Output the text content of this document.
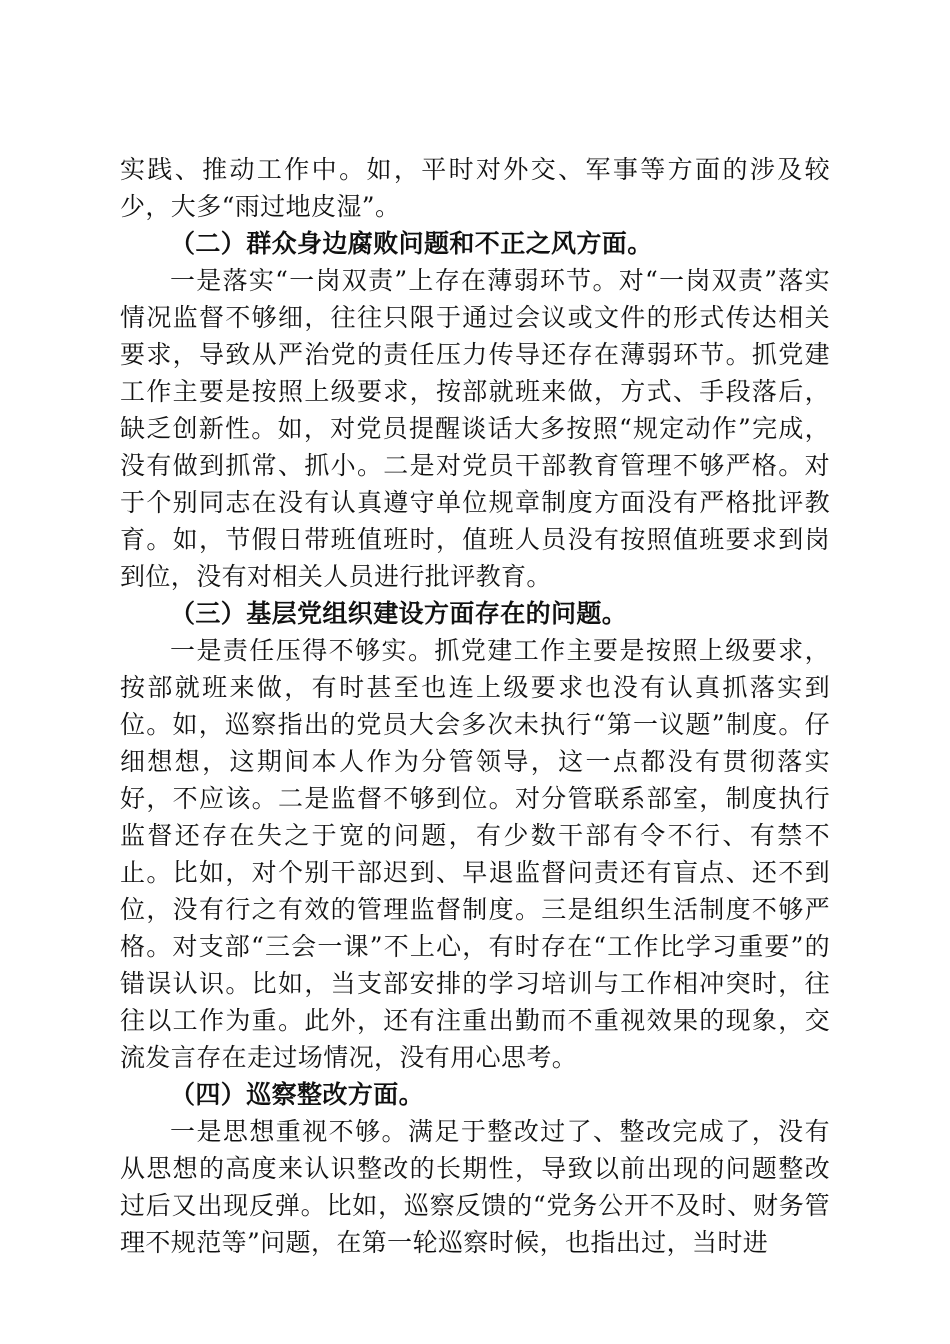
实践、推动工作中。如，平时对外交、军事等方面的涉及较少，大多“雨过地皮湿”。

（二）群众身边腐败问题和不正之风方面。

一是落实“一岗双责”上存在薄弱环节。对“一岗双责”落实情况监督不够细，往往只限于通过会议或文件的形式传达相关要求，导致从严治党的责任压力传导还存在薄弱环节。抓党建工作主要是按照上级要求，按部就班来做，方式、手段落后，缺乏创新性。如，对党员提醒谈话大多按照“规定动作”完成，没有做到抓常、抓小。二是对党员干部教育管理不够严格。对于个别同志在没有认真遵守单位规章制度方面没有严格批评教育。如，节假日带班值班时，值班人员没有按照值班要求到岗到位，没有对相关人员进行批评教育。

（三）基层党组织建设方面存在的问题。

一是责任压得不够实。抓党建工作主要是按照上级要求，按部就班来做，有时甚至也连上级要求也没有认真抓落实到位。如，巡察指出的党员大会多次未执行“第一议题”制度。仔细想想，这期间本人作为分管领导，这一点都没有贯彻落实好，不应该。二是监督不够到位。对分管联系部室，制度执行监督还存在失之于宽的问题，有少数干部有令不行、有禁不止。比如，对个别干部迟到、早退监督问责还有盲点、还不到位，没有行之有效的管理监督制度。三是组织生活制度不够严格。对支部“三会一课”不上心，有时存在“工作比学习重要”的错误认识。比如，当支部安排的学习培训与工作相冲突时，往往以工作为重。此外，还有注重出勤而不重视效果的现象，交流发言存在走过场情况，没有用心思考。

（四）巡察整改方面。

一是思想重视不够。满足于整改过了、整改完成了，没有从思想的高度来认识整改的长期性，导致以前出现的问题整改过后又出现反弹。比如，巡察反馈的“党务公开不及时、财务管理不规范等”问题，在第一轮巡察时候，也指出过，当时进
